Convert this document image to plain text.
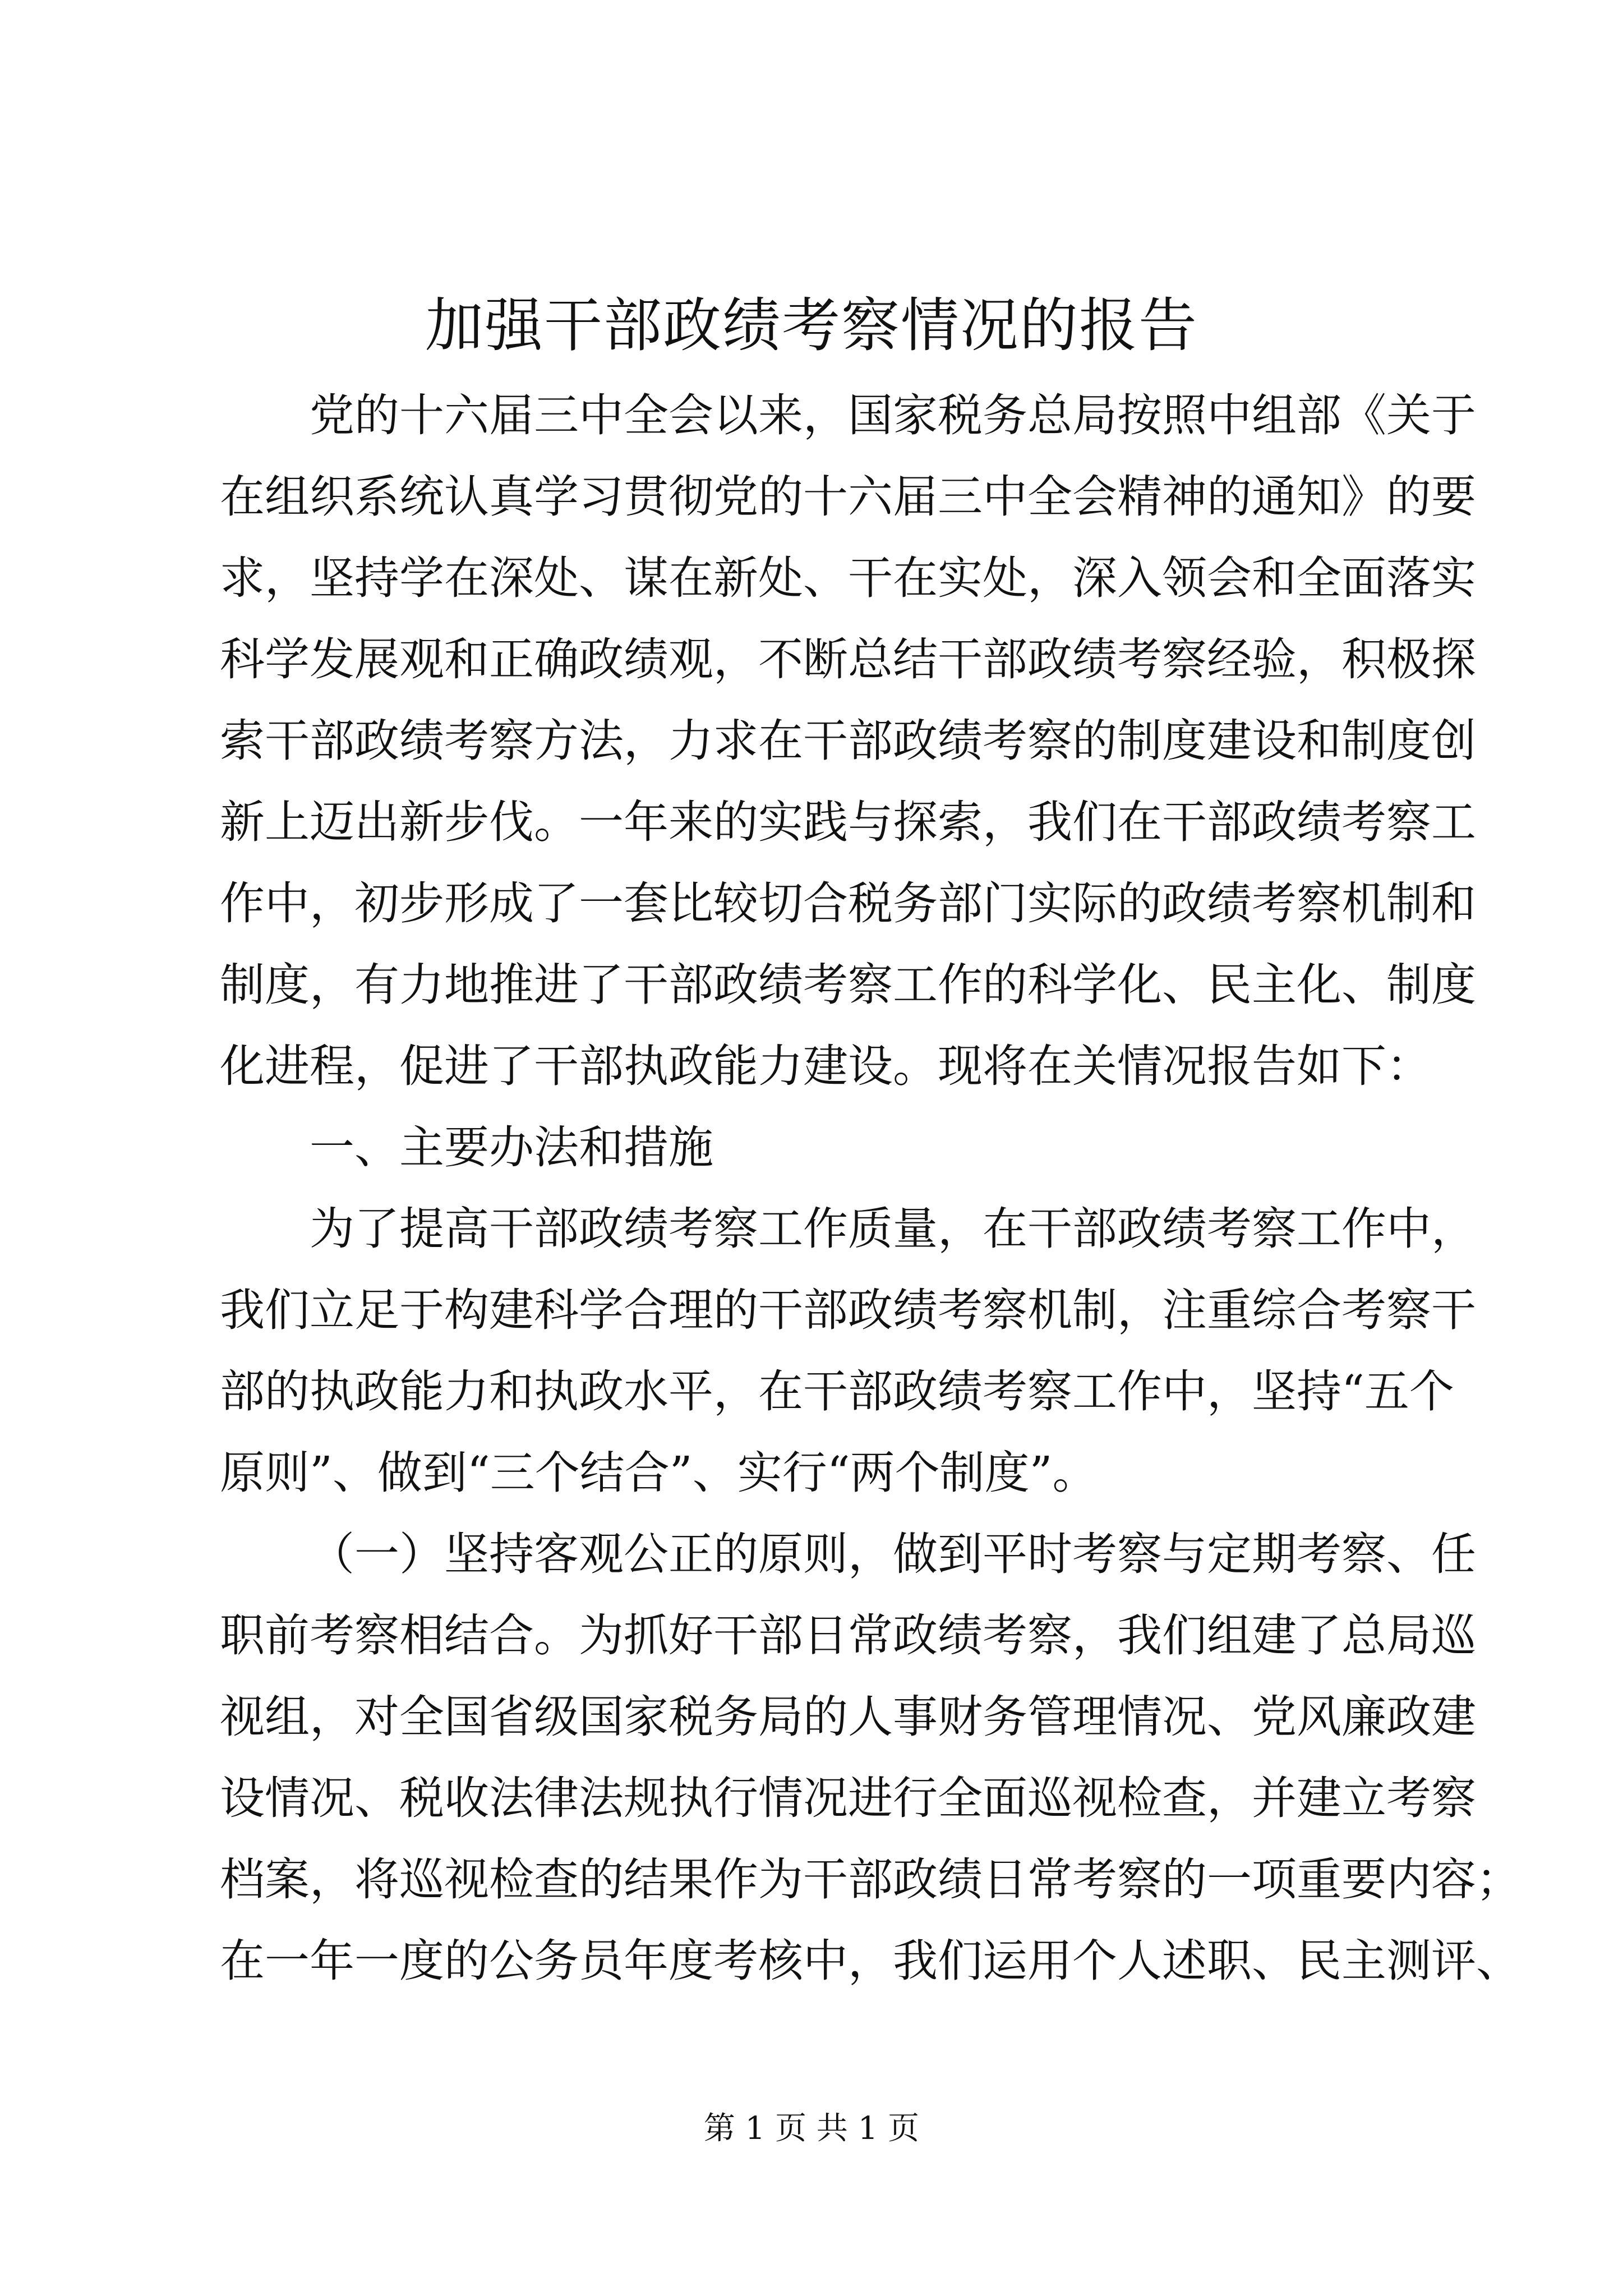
加强干部政绩考察情况的报告

党的十六届三中全会以来，国家税务总局按照中组部《关于

在组织系统认真学习贯彻党的十六届三中全会精神的通知》的要

求，坚持学在深处、谋在新处、干在实处，深入领会和全面落实

科学发展观和正确政绩观，不断总结干部政绩考察经验，积极探

索干部政绩考察方法，力求在干部政绩考察的制度建设和制度创

新上迈出新步伐。一年来的实践与探索，我们在干部政绩考察工

作中，初步形成了一套比较切合税务部门实际的政绩考察机制和

制度，有力地推进了干部政绩考察工作的科学化、民主化、制度

化进程，促进了干部执政能力建设。现将在关情况报告如下：

一、主要办法和措施

为了提高干部政绩考察工作质量，在干部政绩考察工作中，

我们立足于构建科学合理的干部政绩考察机制，注重综合考察干

部的执政能力和执政水平，在干部政绩考察工作中，坚持“五个

原则”、做到“三个结合”、实行“两个制度”。

（一）坚持客观公正的原则，做到平时考察与定期考察、任

职前考察相结合。为抓好干部日常政绩考察，我们组建了总局巡

视组，对全国省级国家税务局的人事财务管理情况、党风廉政建

设情况、税收法律法规执行情况进行全面巡视检查，并建立考察

档案，将巡视检查的结果作为干部政绩日常考察的一项重要内容；

在一年一度的公务员年度考核中，我们运用个人述职、民主测评、

第 1 页 共 1 页
